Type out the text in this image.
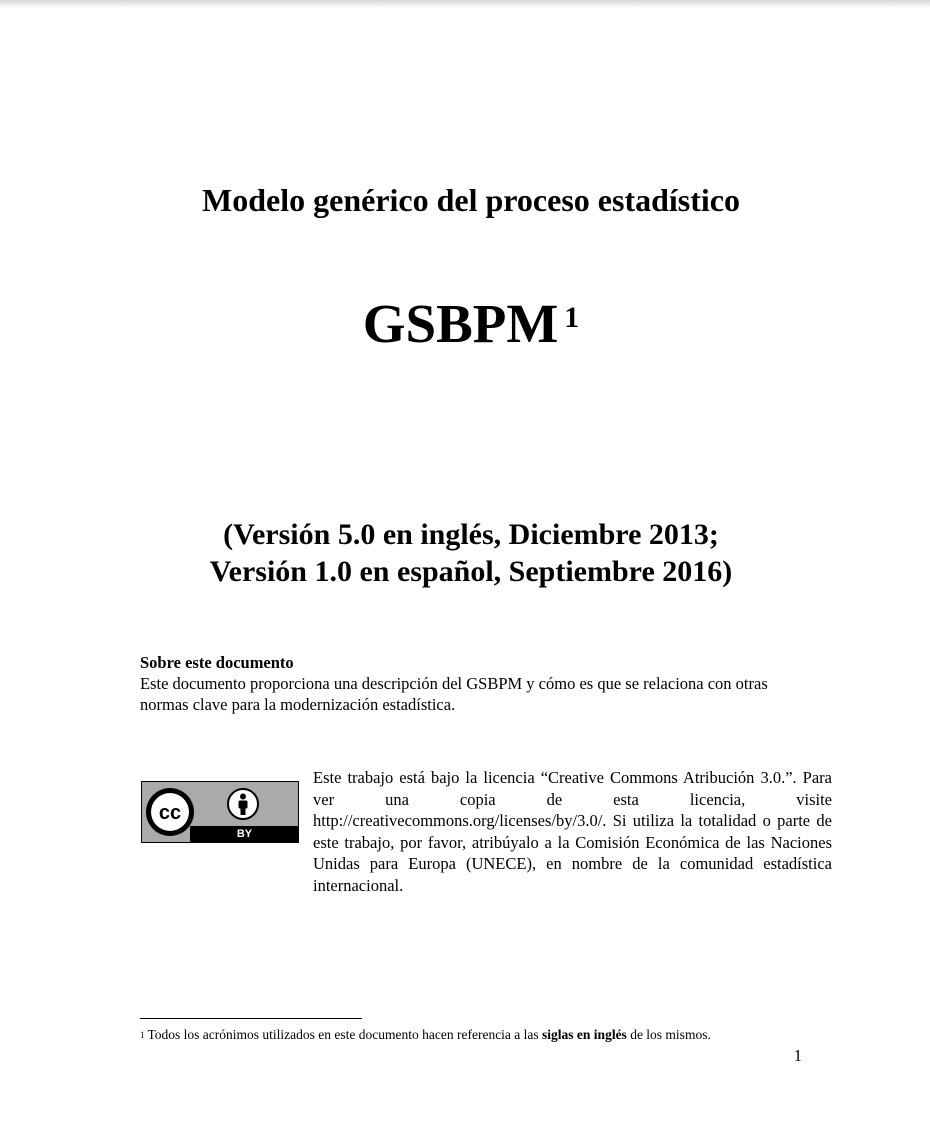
Modelo genérico del proceso estadístico
GSBPM $^1$
(Versión 5.0 en inglés, Diciembre 2013;
Versión 1.0 en español, Septiembre 2016)
Sobre este documento
Este documento proporciona una descripción del GSBPM y cómo es que se relaciona con otras normas clave para la modernización estadística.
cc
BY
Este trabajo está bajo la licencia “Creative Commons Atribución 3.0.”. Para ver una copia de esta licencia, visite http://creativecommons.org/licenses/by/3.0/. Si utiliza la totalidad o parte de este trabajo, por favor, atribúyalo a la Comisión Económica de las Naciones Unidas para Europa (UNECE), en nombre de la comunidad estadística internacional.
$^1$ Todos los acrónimos utilizados en este documento hacen referencia a las siglas en inglés de los mismos.
1
